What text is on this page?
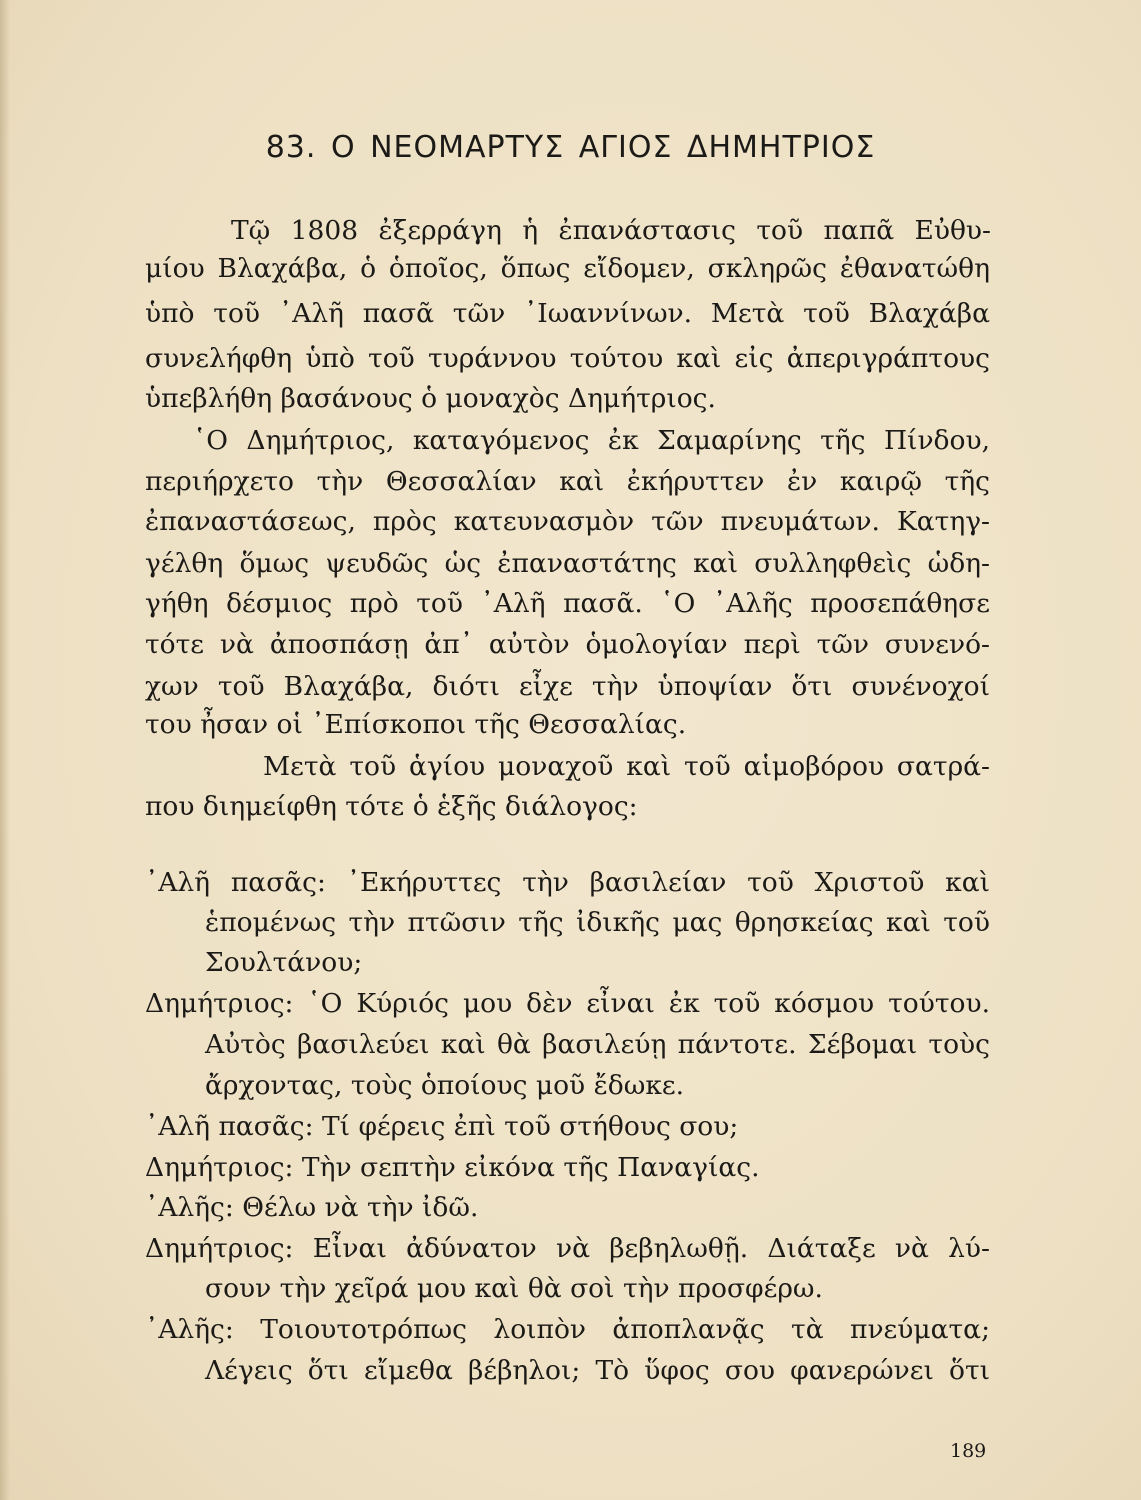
83. Ο ΝΕΟΜΑΡΤΥΣ ΑΓΙΟΣ ΔΗΜΗΤΡΙΟΣ
Τῷ 1808 ἐξερράγη ἡ ἐπανάστασις τοῦ παπᾶ Εὐθυ-
μίου Βλαχάβα, ὁ ὁποῖος, ὅπως εἴδομεν, σκληρῶς ἐθανατώθη
ὑπὸ τοῦ ᾿Αλῆ πασᾶ τῶν ᾿Ιωαννίνων. Μετὰ τοῦ Βλαχάβα
συνελήφθη ὑπὸ τοῦ τυράννου τούτου καὶ εἰς ἀπεριγράπτους
ὑπεβλήθη βασάνους ὁ μοναχὸς Δημήτριος.
῾Ο Δημήτριος, καταγόμενος ἐκ Σαμαρίνης τῆς Πίνδου,
περιήρχετο τὴν Θεσσαλίαν καὶ ἐκήρυττεν ἐν καιρῷ τῆς
ἐπαναστάσεως, πρὸς κατευνασμὸν τῶν πνευμάτων. Κατηγ-
γέλθη ὅμως ψευδῶς ὡς ἐπαναστάτης καὶ συλληφθεὶς ὡδη-
γήθη δέσμιος πρὸ τοῦ ᾿Αλῆ πασᾶ. ῾Ο ᾿Αλῆς προσεπάθησε
τότε νὰ ἀποσπάσῃ ἀπ᾿ αὐτὸν ὁμολογίαν περὶ τῶν συνενό-
χων τοῦ Βλαχάβα, διότι εἶχε τὴν ὑποψίαν ὅτι συνένοχοί
του ἦσαν οἱ ᾿Επίσκοποι τῆς Θεσσαλίας.
Μετὰ τοῦ ἁγίου μοναχοῦ καὶ τοῦ αἱμοβόρου σατρά-
που διημείφθη τότε ὁ ἑξῆς διάλογος:
᾿Αλῆ πασᾶς: ᾿Εκήρυττες τὴν βασιλείαν τοῦ Χριστοῦ καὶ
ἑπομένως τὴν πτῶσιν τῆς ἰδικῆς μας θρησκείας καὶ τοῦ
Σουλτάνου;
Δημήτριος: ῾Ο Κύριός μου δὲν εἶναι ἐκ τοῦ κόσμου τούτου.
Αὐτὸς βασιλεύει καὶ θὰ βασιλεύῃ πάντοτε. Σέβομαι τοὺς
ἄρχοντας, τοὺς ὁποίους μοῦ ἔδωκε.
᾿Αλῆ πασᾶς: Τί φέρεις ἐπὶ τοῦ στήθους σου;
Δημήτριος: Τὴν σεπτὴν εἰκόνα τῆς Παναγίας.
᾿Αλῆς: Θέλω νὰ τὴν ἰδῶ.
Δημήτριος: Εἶναι ἀδύνατον νὰ βεβηλωθῇ. Διάταξε νὰ λύ-
σουν τὴν χεῖρά μου καὶ θὰ σοὶ τὴν προσφέρω.
᾿Αλῆς: Τοιουτοτρόπως λοιπὸν ἀποπλανᾷς τὰ πνεύματα;
Λέγεις ὅτι εἴμεθα βέβηλοι; Τὸ ὕφος σου φανερώνει ὅτι
189
